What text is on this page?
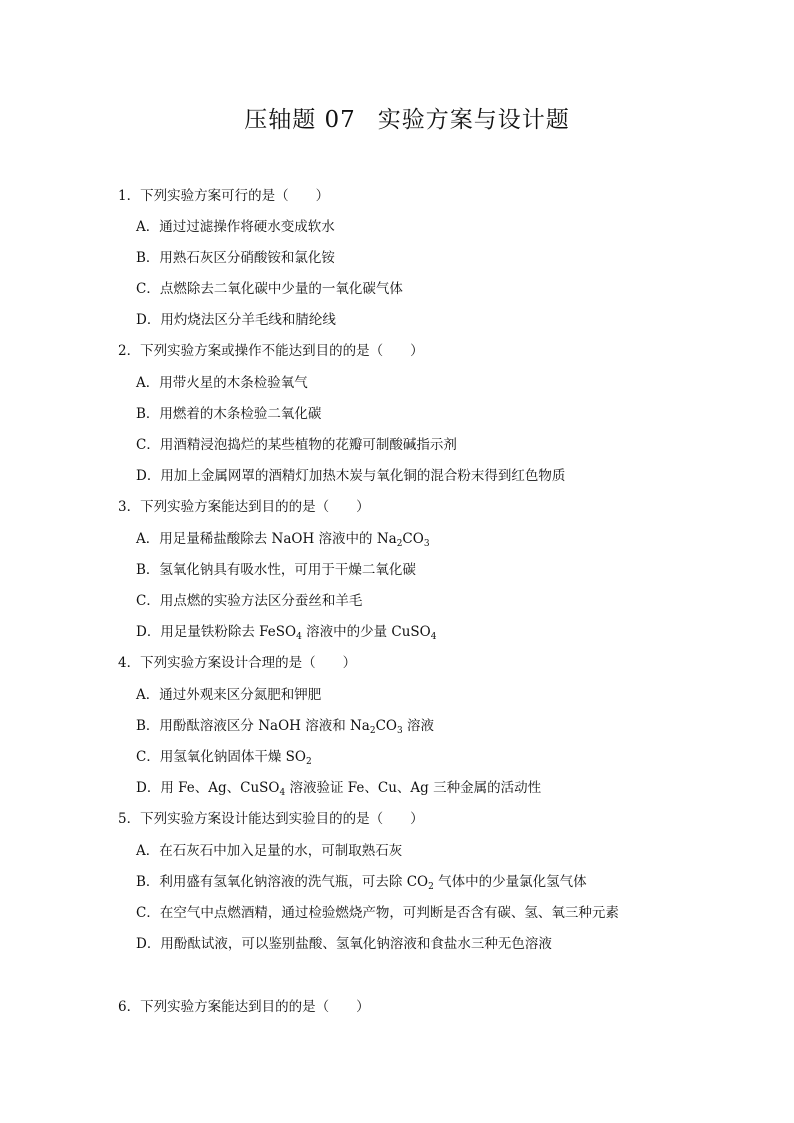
压轴题 07 实验方案与设计题
1．下列实验方案可行的是（　　）
A．通过过滤操作将硬水变成软水
B．用熟石灰区分硝酸铵和氯化铵
C．点燃除去二氧化碳中少量的一氧化碳气体
D．用灼烧法区分羊毛线和腈纶线
2．下列实验方案或操作不能达到目的的是（　　）
A．用带火星的木条检验氧气
B．用燃着的木条检验二氧化碳
C．用酒精浸泡捣烂的某些植物的花瓣可制酸碱指示剂
D．用加上金属网罩的酒精灯加热木炭与氧化铜的混合粉末得到红色物质
3．下列实验方案能达到目的的是（　　）
A．用足量稀盐酸除去 NaOH 溶液中的 $Na_2CO_3$
B．氢氧化钠具有吸水性，可用于干燥二氧化碳
C．用点燃的实验方法区分蚕丝和羊毛
D．用足量铁粉除去 FeSO$_4$ 溶液中的少量 CuSO$_4$
4．下列实验方案设计合理的是（　　）
A．通过外观来区分氮肥和钾肥
B．用酚酞溶液区分 NaOH 溶液和 $Na_2CO_3$ 溶液
C．用氢氧化钠固体干燥 $SO_2$
D．用 Fe、Ag、CuSO$_4$ 溶液验证 Fe、Cu、Ag 三种金属的活动性
5．下列实验方案设计能达到实验目的的是（　　）
A．在石灰石中加入足量的水，可制取熟石灰
B．利用盛有氢氧化钠溶液的洗气瓶，可去除 $CO_2$ 气体中的少量氯化氢气体
C．在空气中点燃酒精，通过检验燃烧产物，可判断是否含有碳、氢、氧三种元素
D．用酚酞试液，可以鉴别盐酸、氢氧化钠溶液和食盐水三种无色溶液
6．下列实验方案能达到目的的是（　　）
